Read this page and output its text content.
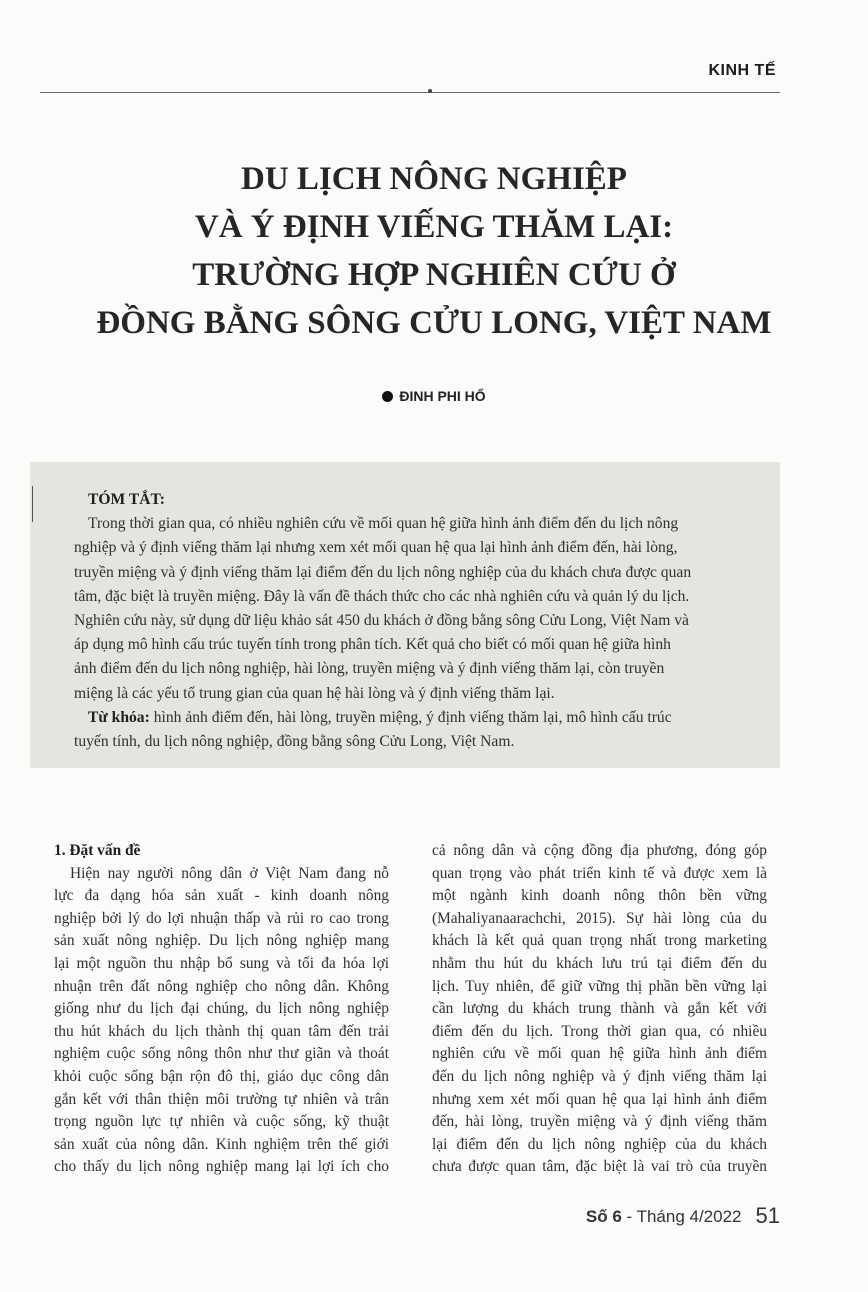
KINH TẾ
DU LỊCH NÔNG NGHIỆP
VÀ Ý ĐỊNH VIẾNG THĂM LẠI:
TRƯỜNG HỢP NGHIÊN CỨU Ở
ĐỒNG BẰNG SÔNG CỬU LONG, VIỆT NAM
ĐINH PHI HỔ
TÓM TẮT:
Trong thời gian qua, có nhiều nghiên cứu về mối quan hệ giữa hình ảnh điểm đến du lịch nông
nghiệp và ý định viếng thăm lại nhưng xem xét mối quan hệ qua lại hình ảnh điểm đến, hài lòng,
truyền miệng và ý định viếng thăm lại điểm đến du lịch nông nghiệp của du khách chưa được quan
tâm, đặc biệt là truyền miệng. Đây là vấn đề thách thức cho các nhà nghiên cứu và quản lý du lịch.
Nghiên cứu này, sử dụng dữ liệu khảo sát 450 du khách ở đồng bằng sông Cửu Long, Việt Nam và
áp dụng mô hình cấu trúc tuyến tính trong phân tích. Kết quả cho biết có mối quan hệ giữa hình
ảnh điểm đến du lịch nông nghiệp, hài lòng, truyền miệng và ý định viếng thăm lại, còn truyền
miệng là các yếu tố trung gian của quan hệ hài lòng và ý định viếng thăm lại.
Từ khóa: hình ảnh điểm đến, hài lòng, truyền miệng, ý định viếng thăm lại, mô hình cấu trúc
tuyến tính, du lịch nông nghiệp, đồng bằng sông Cửu Long, Việt Nam.
1. Đặt vấn đề
Hiện nay người nông dân ở Việt Nam đang nỗ
lực đa dạng hóa sản xuất - kinh doanh nông
nghiệp bởi lý do lợi nhuận thấp và rủi ro cao trong
sản xuất nông nghiệp. Du lịch nông nghiệp mang
lại một nguồn thu nhập bổ sung và tối đa hóa lợi
nhuận trên đất nông nghiệp cho nông dân. Không
giống như du lịch đại chúng, du lịch nông nghiệp
thu hút khách du lịch thành thị quan tâm đến trải
nghiệm cuộc sống nông thôn như thư giãn và thoát
khỏi cuộc sống bận rộn đô thị, giáo dục công dân
gắn kết với thân thiện môi trường tự nhiên và trân
trọng nguồn lực tự nhiên và cuộc sống, kỹ thuật
sản xuất của nông dân. Kinh nghiệm trên thế giới
cho thấy du lịch nông nghiệp mang lại lợi ích cho
cả nông dân và cộng đồng địa phương, đóng góp
quan trọng vào phát triển kinh tế và được xem là
một ngành kinh doanh nông thôn bền vững
(Mahaliyanaarachchi, 2015). Sự hài lòng của du
khách là kết quả quan trọng nhất trong marketing
nhằm thu hút du khách lưu trú tại điểm đến du
lịch. Tuy nhiên, để giữ vững thị phần bền vững lại
cần lượng du khách trung thành và gắn kết với
điểm đến du lịch. Trong thời gian qua, có nhiều
nghiên cứu về mối quan hệ giữa hình ảnh điểm
đến du lịch nông nghiệp và ý định viếng thăm lại
nhưng xem xét mối quan hệ qua lại hình ảnh điểm
đến, hài lòng, truyền miệng và ý định viếng thăm
lại điểm đến du lịch nông nghiệp của du khách
chưa được quan tâm, đặc biệt là vai trò của truyền
Số 6 - Tháng 4/2022 51
